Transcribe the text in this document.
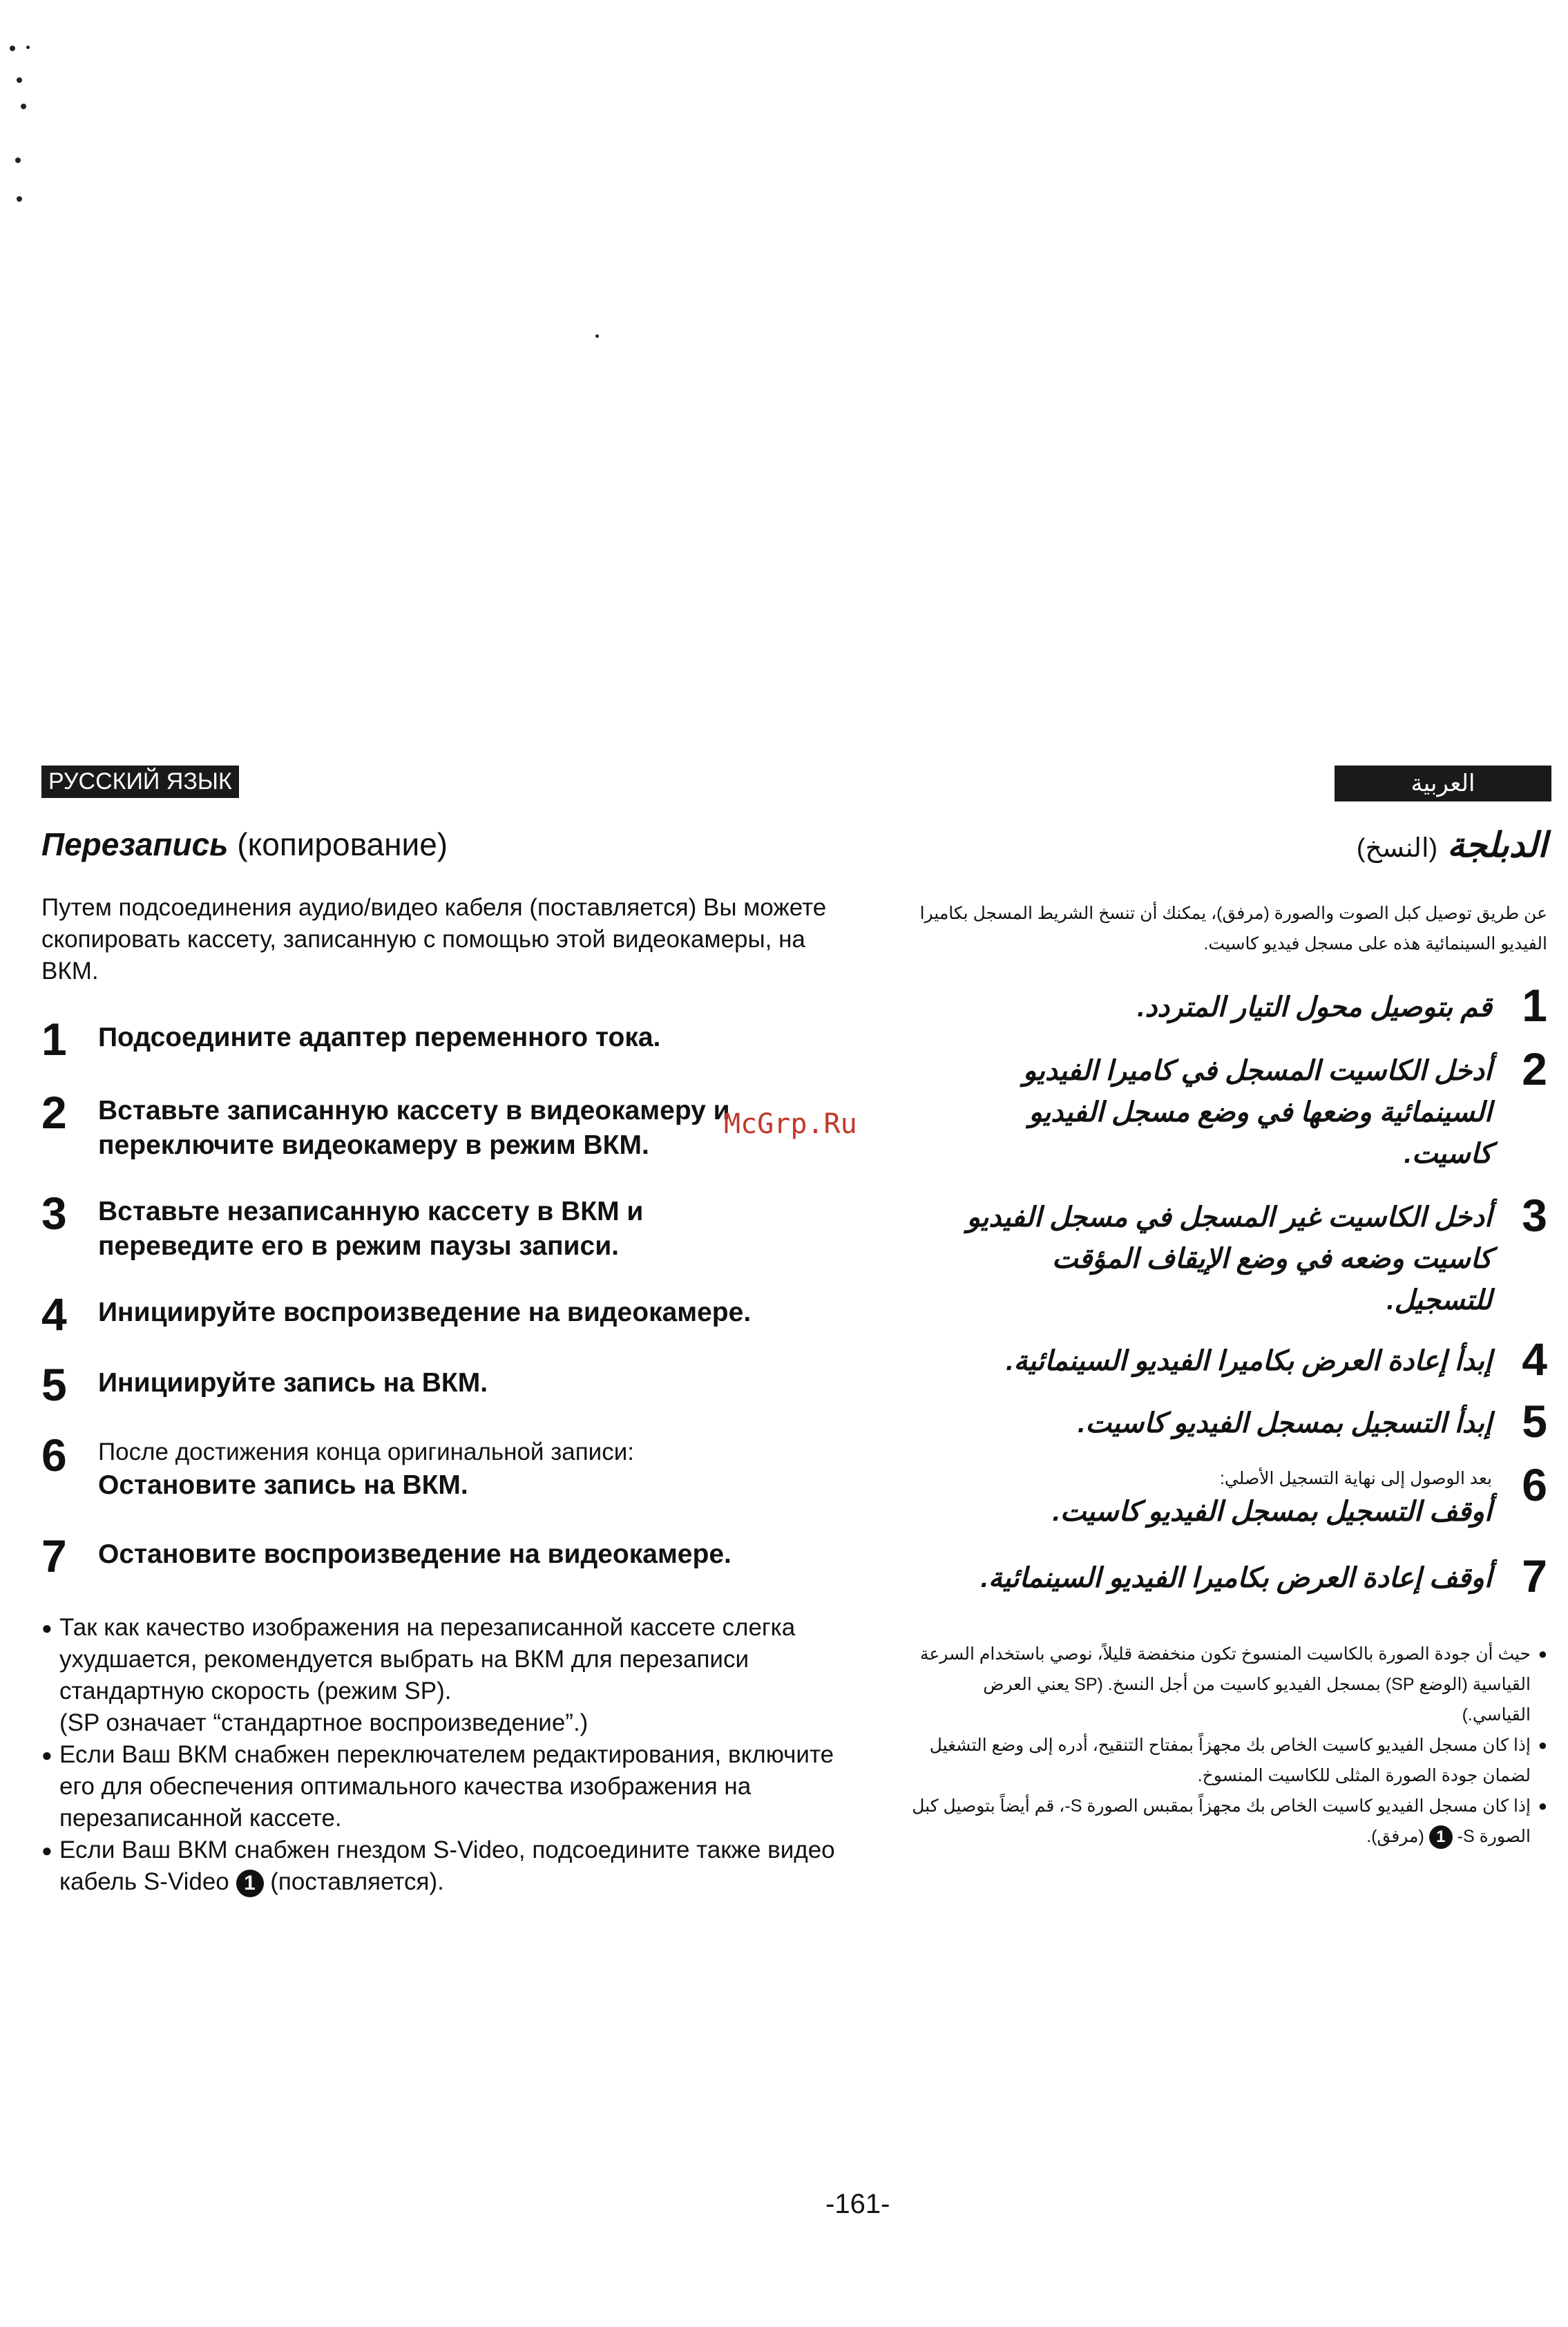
РУССКИЙ ЯЗЫК
Перезапись (копирование)
Путем подсоединения аудио/видео кабеля (поставляется) Вы можете скопировать кассету, записанную с помощью этой видеокамеры, на ВКМ.
1	Подсоедините адаптер переменного тока.
2	Вставьте записанную кассету в видеокамеру и переключите видеокамеру в режим ВКМ.
3	Вставьте незаписанную кассету в ВКМ и переведите его в режим паузы записи.
4	Инициируйте воспроизведение на видеокамере.
5	Инициируйте запись на ВКМ.
6	После достижения конца оригинальной записи:
Остановите запись на ВКМ.
7	Остановите воспроизведение на видеокамере.
● Так как качество изображения на перезаписанной кассете слегка ухудшается, рекомендуется выбрать на ВКМ для перезаписи стандартную скорость (режим SP).
(SP означает “стандартное воспроизведение”.)
● Если Ваш ВКМ снабжен переключателем редактирования, включите его для обеспечения оптимального качества изображения на перезаписанной кассете.
● Если Ваш ВКМ снабжен гнездом S-Video, подсоедините также видео кабель S-Video 1 (поставляется).
العربية
الدبلجة (النسخ)
عن طريق توصيل كبل الصوت والصورة (مرفق)، يمكنك أن تنسخ الشريط المسجل بكاميرا الفيديو السينمائية هذه على مسجل فيديو كاسيت.
1
قم بتوصيل محول التيار المتردد.
2
أدخل الكاسيت المسجل في كاميرا الفيديو السينمائية وضعها في وضع مسجل الفيديو كاسيت.
3
أدخل الكاسيت غير المسجل في مسجل الفيديو كاسيت وضعه في وضع الإيقاف المؤقت للتسجيل.
4
إبدأ إعادة العرض بكاميرا الفيديو السينمائية.
5
إبدأ التسجيل بمسجل الفيديو كاسيت.
6
بعد الوصول إلى نهاية التسجيل الأصلي:
أوقف التسجيل بمسجل الفيديو كاسيت.
7
أوقف إعادة العرض بكاميرا الفيديو السينمائية.
● حيث أن جودة الصورة بالكاسيت المنسوخ تكون منخفضة قليلاً، نوصي باستخدام السرعة القياسية (الوضع SP) بمسجل الفيديو كاسيت من أجل النسخ. (SP يعني العرض القياسي.)
● إذا كان مسجل الفيديو كاسيت الخاص بك مجهزاً بمفتاح التنقيح، أدره إلى وضع التشغيل لضمان جودة الصورة المثلى للكاسيت المنسوخ.
● إذا كان مسجل الفيديو كاسيت الخاص بك مجهزاً بمقبس الصورة S-، قم أيضاً بتوصيل كبل الصورة S- 1 (مرفق).
McGrp.Ru
-161-
